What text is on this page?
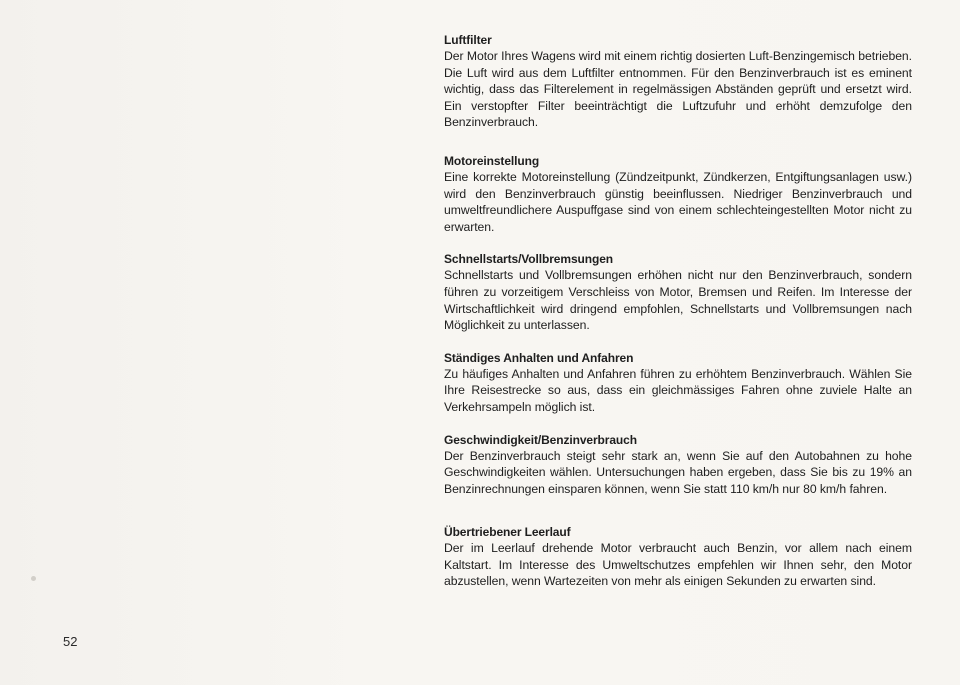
Luftfilter

Der Motor Ihres Wagens wird mit einem richtig dosierten Luft-Benzingemisch betrieben. Die Luft wird aus dem Luftfilter entnommen. Für den Benzinverbrauch ist es eminent wichtig, dass das Filterelement in regelmässigen Abständen geprüft und ersetzt wird. Ein verstopfter Filter beeinträchtigt die Luftzufuhr und erhöht demzufolge den Benzinverbrauch.

Motoreinstellung

Eine korrekte Motoreinstellung (Zündzeitpunkt, Zündkerzen, Entgiftungsanlagen usw.) wird den Benzinverbrauch günstig beeinflussen. Niedriger Benzinverbrauch und umweltfreundlichere Auspuffgase sind von einem schlechteingestellten Motor nicht zu erwarten.

Schnellstarts/Vollbremsungen

Schnellstarts und Vollbremsungen erhöhen nicht nur den Benzinverbrauch, sondern führen zu vorzeitigem Verschleiss von Motor, Bremsen und Reifen. Im Interesse der Wirtschaftlichkeit wird dringend empfohlen, Schnellstarts und Vollbremsungen nach Möglichkeit zu unterlassen.

Ständiges Anhalten und Anfahren

Zu häufiges Anhalten und Anfahren führen zu erhöhtem Benzinverbrauch. Wählen Sie Ihre Reisestrecke so aus, dass ein gleichmässiges Fahren ohne zuviele Halte an Verkehrsampeln möglich ist.

Geschwindigkeit/Benzinverbrauch

Der Benzinverbrauch steigt sehr stark an, wenn Sie auf den Autobahnen zu hohe Geschwindigkeiten wählen. Untersuchungen haben ergeben, dass Sie bis zu 19% an Benzinrechnungen einsparen können, wenn Sie statt 110 km/h nur 80 km/h fahren.

Übertriebener Leerlauf

Der im Leerlauf drehende Motor verbraucht auch Benzin, vor allem nach einem Kaltstart. Im Interesse des Umweltschutzes empfehlen wir Ihnen sehr, den Motor abzustellen, wenn Wartezeiten von mehr als einigen Sekunden zu erwarten sind.

52
